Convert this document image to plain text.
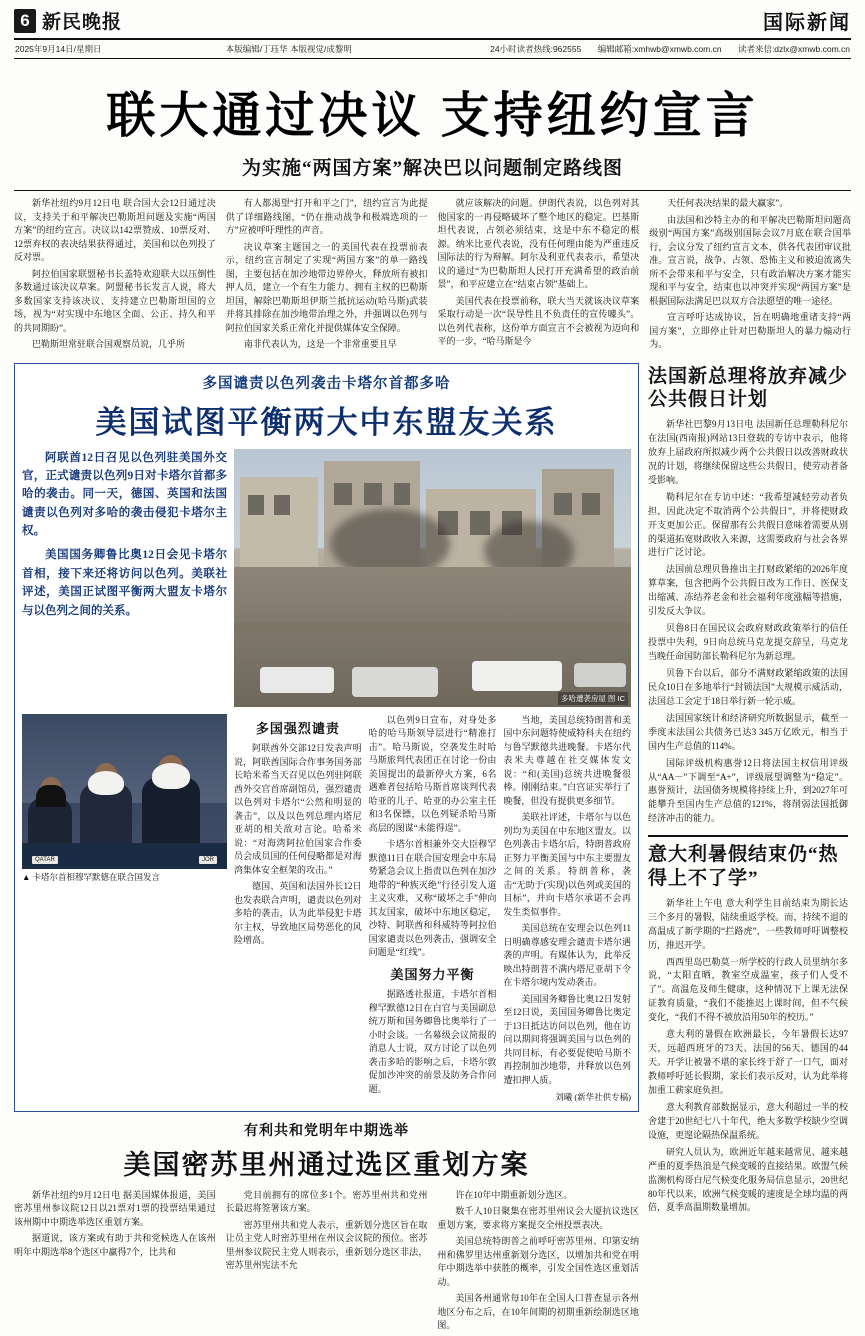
6 新民晚报	国际新闻
2025年9月14日/星期日	本版编辑/丁珏华 本版视觉/成黎明	24小时读者热线:962555 编辑邮箱:xmhwb@xmwb.com.cn 读者来信:dzlx@xmwb.com.cn
联大通过决议 支持纽约宣言
为实施“两国方案”解决巴以问题制定路线图

新华社纽约9月12日电 联合国大会12日通过决议，支持关于和平解决巴勒斯坦问题及实施“两国方案”的纽约宣言。决议以142票赞成、10票反对、12票弃权的表决结果获得通过，美国和以色列投了反对票。

阿拉伯国家联盟秘书长盖特欢迎联大以压倒性多数通过该决议草案。阿盟秘书长发言人说，将大多数国家支持该决议、支持建立巴勒斯坦国的立场，视为“对实现中东地区全面、公正、持久和平的共同期盼”。

巴勒斯坦常驻联合国观察员说，几乎所

有人都渴望“打开和平之门”，纽约宣言为此提供了详细路线图，“仍在推动战争和极端选项的一方”应被呼吁理性的声音。

决议草案主题国之一的美国代表在投票前表示，纽约宣言制定了实现“两国方案”的单一路线图，主要包括在加沙地带边界停火，释放所有被扣押人员，建立一个有生力能力、拥有主权的巴勒斯坦国，解除巴勒斯坦伊斯兰抵抗运动(哈马斯)武装并将其排除在加沙地带治理之外，并强调以色列与阿拉伯国家关系正常化并提供媒体安全保障。

南非代表认为，这是一个非常重要且早

就应该解决的问题。伊朗代表说，以色列对其他国家的一再侵略破坏了整个地区的稳定。巴基斯坦代表说，占领必须结束，这是中东不稳定的根源。纳米比亚代表说，没有任何理由能为严重违反国际法的行为辩解。阿尔及利亚代表表示，希望决议的通过“为巴勒斯坦人民打开充满希望的政治前景”，和平应建立在“结束占领”基础上。

美国代表在投票前称，联大当天就该决议草案采取行动是一次“误导性且不负责任的宣传噱头”。以色列代表称，这份单方面宣言不会被视为迈向和平的一步，“哈马斯是今

天任何表决结果的最大赢家”。

由法国和沙特主办的和平解决巴勒斯坦问题高级别“两国方案”高级别国际会议7月底在联合国举行，会议分发了纽约宣言文本，供各代表团审议批准。宣言说，战争、占领、恐怖主义和被迫流离失所不会带来和平与安全，只有政治解决方案才能实现和平与安全，结束也以冲突并实现“两国方案”是根据国际法满足巴以双方合法愿望的唯一途径。

宣言呼吁达成协议，旨在明确地重诸支持“两国方案”，立即停止针对巴勒斯坦人的暴力煽动行为。

多国谴责以色列袭击卡塔尔首都多哈
美国试图平衡两大中东盟友关系

阿联酋12日召见以色列驻美国外交官，正式谴责以色列9日对卡塔尔首都多哈的袭击。同一天，德国、英国和法国谴责以色列对多哈的袭击侵犯卡塔尔主权。

美国国务卿鲁比奥12日会见卡塔尔首相，接下来还将访问以色列。美联社评述，美国正试图平衡两大盟友卡塔尔与以色列之间的关系。

多哈遭袭房屋 图 IC
QATAR	JOR
▲ 卡塔尔首相穆罕默德在联合国发言
多国强烈谴责

阿联酋外交部12日发表声明说，阿联酋国际合作事务国务部长哈米希当天召见以色列驻阿联酋外交官首席副馆员，强烈谴责以色列对卡塔尔“公然和明显的袭击”，以及以色列总理内塔尼亚胡的相关敌对言论。哈希米说：“对海湾阿拉伯国家合作委员会成员国的任何侵略都是对海湾集体安全框架的攻击。”

德国、英国和法国外长12日也发表联合声明，谴责以色列对多哈的袭击，认为此举侵犯卡塔尔主权，导致地区局势恶化的风险增高。

以色列9日宣布，对身处多哈的哈马斯领导层进行“精准打击”。哈马斯说，空袭发生时哈马斯旅判代表团正在讨论一份由美国提出的最新停火方案，6名遇难者包括哈马斯首席谈判代表哈亚的儿子、哈亚的办公室主任和3名保镖，以色列疑杀哈马斯高层的图谋“未能得逞”。

卡塔尔首相兼外交大臣穆罕默德11日在联合国安理会中东局势紧急会议上指责以色列在加沙地带的“种族灭绝”行径引发人道主义灾难，又称“破坏之手”伸向其友国家，破坏中东地区稳定，沙特、阿联酋和科威特等阿拉伯国家谴责以色列袭击，强调安全问题是“红线”。

美国努力平衡

据路透社报道，卡塔尔首相穆罕默德12日在白官与美国副总统万斯和国务卿鲁比奥举行了一小时会谈。一名幕级会议简报的消息人士说，双方讨论了以色列袭击多哈的影响之后，卡塔尔敦促加沙冲突的前景及防务合作问题。

当地，美国总统特朗普和美国中东问题特使威特科夫在纽约与鲁罕默德共进晚餐。卡塔尔代表米夫尊越在社交媒体发文说：“和(美国)总统共进晚餐很棒。刚刚结束。”白宫证实举行了晚餐，但没有提供更多细节。

美联社评述，卡塔尔与以色列均为美国在中东地区盟友。以色列袭击卡塔尔后，特朗普政府正努力平衡美国与中东主要盟友之间的关系。特朗普称，袭击“无助于(实现)以色列或美国的目标”，并向卡塔尔承诺不会再发生类似事件。

美国总统在安理会以色列11日明确尊感安理会谴责卡塔尔遇袭的声明。有媒体认为，此举反映出特朗普不满内塔尼亚胡下令在卡塔尔境内发动袭击。

美国国务卿鲁比奥12日发射至12日说，美国国务卿鲁比奥定于13日抵达访问以色列，他在访问以期间将强调美国与以色列的共同目标，有必要促使哈马斯不再控制加沙地带，并释放以色列遭扣押人质。

刘曦 (新华社供专稿)
有利共和党明年中期选举
美国密苏里州通过选区重划方案

新华社纽约9月12日电 据美国媒体报道，美国密苏里州参议院12日以21票对1票的投票结果通过该州期中中期选举选区重划方案。

据道说，该方案或有助于共和党候选人在该州明年中期选举8个选区中赢得7个，比共和

党目前拥有的席位多1个。密苏里州共和党州长最迟将签署该方案。

密苏里州共和党人表示，重新划分选区旨在取让员主党人时密苏里州在州议会议院的预位。密苏里州参议院民主党人则表示，重新划分选区非法，密苏里州宪法不允

许在10年中期重新划分选区。

数千人10日聚集在密苏里州议会大厦抗议选区重划方案，要求将方案提交全州投票表决。

美国总统特朗普之前呼吁密苏里州、印第安纳州和佛罗里达州重新划分选区，以增加共和党在明年中期选举中获胜的概率，引发全国性选区重划活动。

美国各州通常每10年在全国人口普查显示各州地区分布之后，在10年间期的初期重新绘制选区地图。

法国新总理将放弃减少公共假日计划

新华社巴黎9月13日电 法国新任总理勒科尼尔在法国(西南报)网站13日登载的专访中表示，他将放弃上届政府所拟减少两个公共假日以改善财政状况的计划，将继续保留这些公共假日，使劳动者备受影响。

勒科尼尔在专访中述：“我希望减轻劳动者负担，因此决定不取消两个公共假日”，并将使财政开支更加公正。保留那有公共假日意味着需要从别的渠道拓宽财政收入来源，这需要政府与社会各界进行广泛讨论。

法国前总理贝鲁推出主打财政紧缩的2026年度算草案，包含把两个公共假日改为工作日、医保支出缩减、冻结养老金和社会福利年度涨幅等措施，引发反大争议。

贝鲁8日在国民议会政府财政政策举行的信任投票中失利，9日向总统马克龙提交辞呈，马克龙当晚任命国防部长勒科尼尔为新总理。

贝鲁下台以后，部分不满财政紧缩政策的法国民众10日在多地举行“封锁法国”大规模示威活动，法国总工会定于18日举行新一轮示威。

法国国家统计和经济研究所数据显示，截至一季度末法国公共债务已达3 345万亿欧元，相当于国内生产总值的114%。

国际评级机构惠誉12日将法国主权信用评级从“AA－”下调至“A+”，评级展望调整为“稳定”。惠誉预计，法国债务规模将持续上升，到2027年可能攀升至国内生产总值的121%，将削弱法国抵御经济冲击的能力。

意大利暑假结束仍“热得上不了学”

新华社上午电 意大利学生目前结束为期长达三个多月的暑假，陆续重返学校。而，持续不退的高温成了新学期的“拦路虎”，一些教师呼吁调整校历，推迟开学。

西西里岛巴勒莫一所学校的行政人员里纳尔多说，“太阳直晒，教室空成温室，孩子们人受不了”。高温危及师生健康，这种情况下上课无法保证教育质量，“我们不能推迟上课时间，但不气候变化，“我们不得不被放沿用50年的校历。”

意大利的暑假在欧洲最长，今年暑假长达97天，远超西班牙的73天、法国的56天、德国的44天。开学让被暑不堪的家长终于舒了一口气，面对教师呼吁延长假期，家长们表示反对，认为此举将加重工薪家庭负担。

意大利教育部数据显示，意大利超过一半的校舍建于20世纪七八十年代，绝大多数学校缺少空调设施，更遑论隔热保温系统。

研究人员认为，欧洲近年越来越常见、越来越严重的夏季热浪是气候变暖的直接结果。欧盟气候监测机构哥白尼气候变化服务局信息显示，20世纪80年代以来，欧洲气候变暖的速度是全球均温的两倍，夏季高温期数量增加。
